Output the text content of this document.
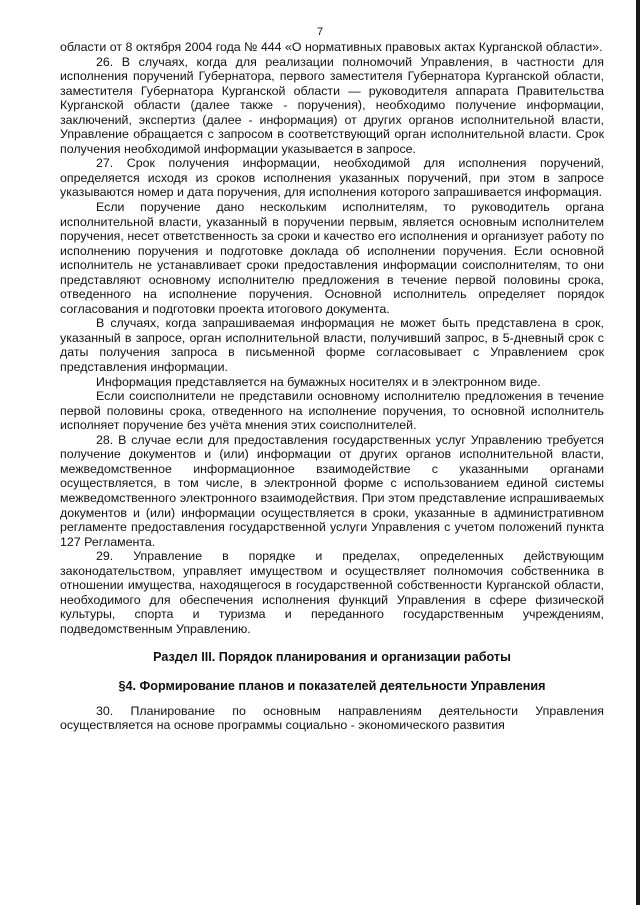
7

области от 8 октября 2004 года № 444 «О нормативных правовых актах Курганской области».

26. В случаях, когда для реализации полномочий Управления, в частности для исполнения поручений Губернатора, первого заместителя Губернатора Курганской области, заместителя Губернатора Курганской области — руководителя аппарата Правительства Курганской области (далее также - поручения), необходимо получение информации, заключений, экспертиз (далее - информация) от других органов исполнительной власти, Управление обращается с запросом в соответствующий орган исполнительной власти. Срок получения необходимой информации указывается в запросе.

27. Срок получения информации, необходимой для исполнения поручений, определяется исходя из сроков исполнения указанных поручений, при этом в запросе указываются номер и дата поручения, для исполнения которого запрашивается информация.

Если поручение дано нескольким исполнителям, то руководитель органа исполнительной власти, указанный в поручении первым, является основным исполнителем поручения, несет ответственность за сроки и качество его исполнения и организует работу по исполнению поручения и подготовке доклада об исполнении поручения. Если основной исполнитель не устанавливает сроки предоставления информации соисполнителям, то они представляют основному исполнителю предложения в течение первой половины срока, отведенного на исполнение поручения. Основной исполнитель определяет порядок согласования и подготовки проекта итогового документа.

В случаях, когда запрашиваемая информация не может быть представлена в срок, указанный в запросе, орган исполнительной власти, получивший запрос, в 5-дневный срок с даты получения запроса в письменной форме согласовывает с Управлением срок представления информации.

Информация представляется на бумажных носителях и в электронном виде.

Если соисполнители не представили основному исполнителю предложения в течение первой половины срока, отведенного на исполнение поручения, то основной исполнитель исполняет поручение без учёта мнения этих соисполнителей.

28. В случае если для предоставления государственных услуг Управлению требуется получение документов и (или) информации от других органов исполнительной власти, межведомственное информационное взаимодействие с указанными органами осуществляется, в том числе, в электронной форме с использованием единой системы межведомственного электронного взаимодействия. При этом представление испрашиваемых документов и (или) информации осуществляется в сроки, указанные в административном регламенте предоставления государственной услуги Управления с учетом положений пункта 127 Регламента.

29. Управление в порядке и пределах, определенных действующим законодательством, управляет имуществом и осуществляет полномочия собственника в отношении имущества, находящегося в государственной собственности Курганской области, необходимого для обеспечения исполнения функций Управления в сфере физической культуры, спорта и туризма и переданного государственным учреждениям, подведомственным Управлению.

Раздел III. Порядок планирования и организации работы

§4. Формирование планов и показателей деятельности Управления

30. Планирование по основным направлениям деятельности Управления осуществляется на основе программы социально - экономического развития
